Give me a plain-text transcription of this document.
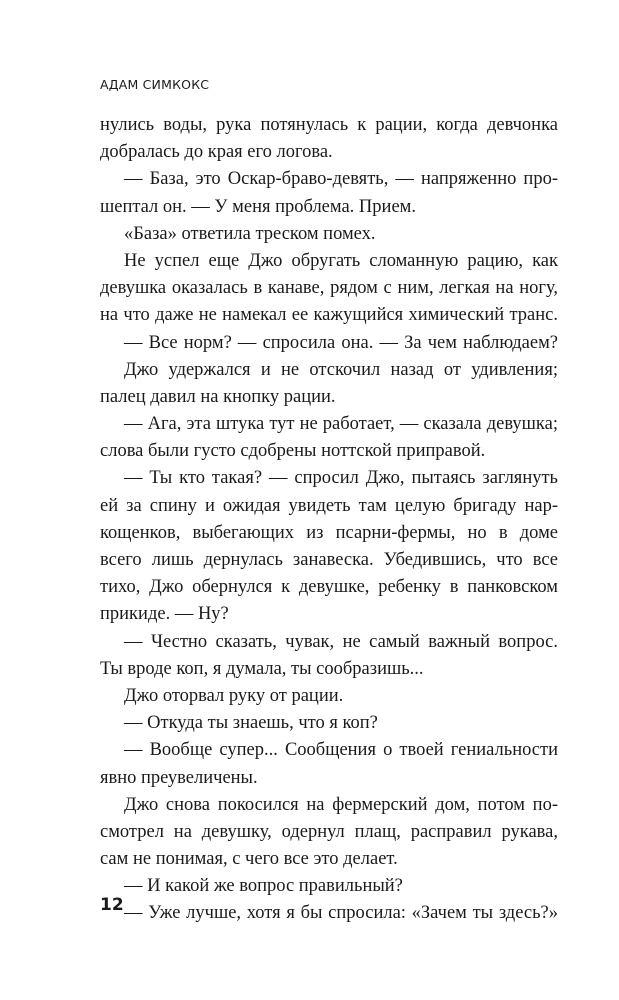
АДАМ СИМКОКС
нулись воды, рука потянулась к рации, когда девчонка
добралась до края его логова.
— База, это Оскар-браво-девять, — напряженно про-
шептал он. — У меня проблема. Прием.
«База» ответила треском помех.
Не успел еще Джо обругать сломанную рацию, как
девушка оказалась в канаве, рядом с ним, легкая на ногу,
на что даже не намекал ее кажущийся химический транс.
— Все норм? — спросила она. — За чем наблюдаем?
Джо удержался и не отскочил назад от удивления;
палец давил на кнопку рации.
— Ага, эта штука тут не работает, — сказала девушка;
слова были густо сдобрены ноттской приправой.
— Ты кто такая? — спросил Джо, пытаясь заглянуть
ей за спину и ожидая увидеть там целую бригаду нар-
кощенков, выбегающих из псарни-фермы, но в доме
всего лишь дернулась занавеска. Убедившись, что все
тихо, Джо обернулся к девушке, ребенку в панковском
прикиде. — Ну?
— Честно сказать, чувак, не самый важный вопрос.
Ты вроде коп, я думала, ты сообразишь...
Джо оторвал руку от рации.
— Откуда ты знаешь, что я коп?
— Вообще супер... Сообщения о твоей гениальности
явно преувеличены.
Джо снова покосился на фермерский дом, потом по-
смотрел на девушку, одернул плащ, расправил рукава,
сам не понимая, с чего все это делает.
— И какой же вопрос правильный?
— Уже лучше, хотя я бы спросила: «Зачем ты здесь?»
12
